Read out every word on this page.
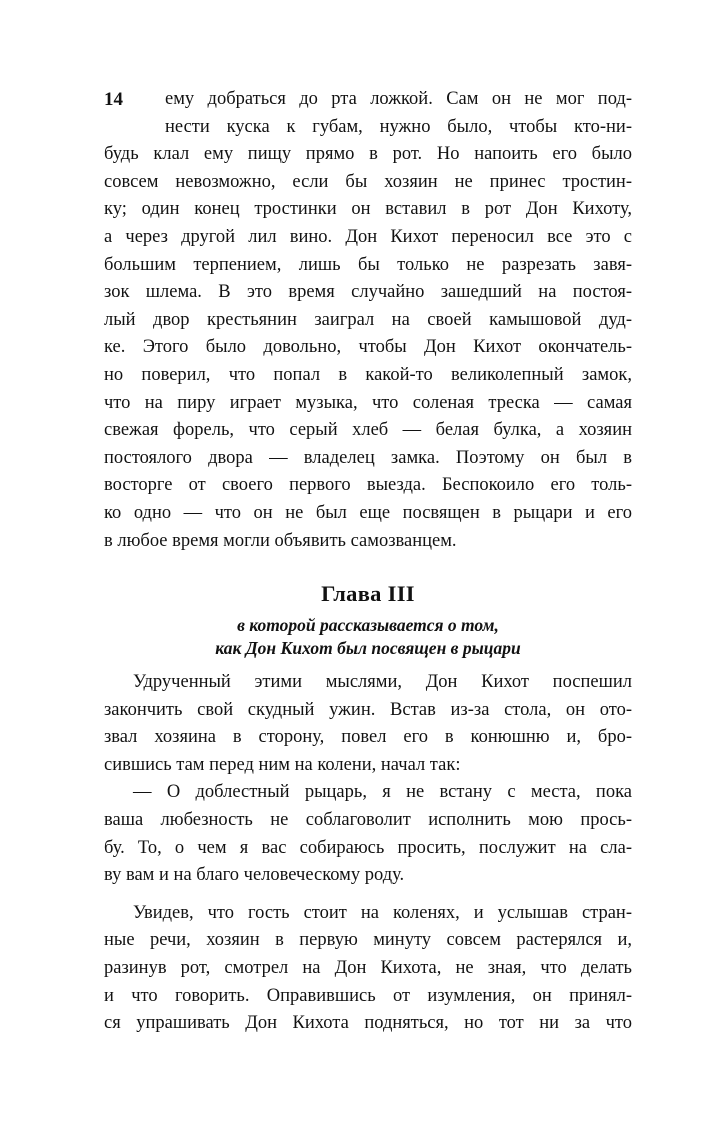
14	ему добраться до рта ложкой. Сам он не мог под-
нести куска к губам, нужно было, чтобы кто-ни-
будь клал ему пищу прямо в рот. Но напоить его было
совсем невозможно, если бы хозяин не принес тростин-
ку; один конец тростинки он вставил в рот Дон Кихоту,
а через другой лил вино. Дон Кихот переносил все это с
большим терпением, лишь бы только не разрезать завя-
зок шлема. В это время случайно зашедший на постоя-
лый двор крестьянин заиграл на своей камышовой дуд-
ке. Этого было довольно, чтобы Дон Кихот окончатель-
но поверил, что попал в какой-то великолепный замок,
что на пиру играет музыка, что соленая треска — самая
свежая форель, что серый хлеб — белая булка, а хозяин
постоялого двора — владелец замка. Поэтому он был в
восторге от своего первого выезда. Беспокоило его толь-
ко одно — что он не был еще посвящен в рыцари и его
в любое время могли объявить самозванцем.
Глава III
в которой рассказывается о том,
как Дон Кихот был посвящен в рыцари
Удрученный этими мыслями, Дон Кихот поспешил
закончить свой скудный ужин. Встав из-за стола, он ото-
звал хозяина в сторону, повел его в конюшню и, бро-
сившись там перед ним на колени, начал так:
— О доблестный рыцарь, я не встану с места, пока
ваша любезность не соблаговолит исполнить мою прось-
бу. То, о чем я вас собираюсь просить, послужит на сла-
ву вам и на благо человеческому роду.
Увидев, что гость стоит на коленях, и услышав стран-
ные речи, хозяин в первую минуту совсем растерялся и,
разинув рот, смотрел на Дон Кихота, не зная, что делать
и что говорить. Оправившись от изумления, он принял-
ся упрашивать Дон Кихота подняться, но тот ни за что
